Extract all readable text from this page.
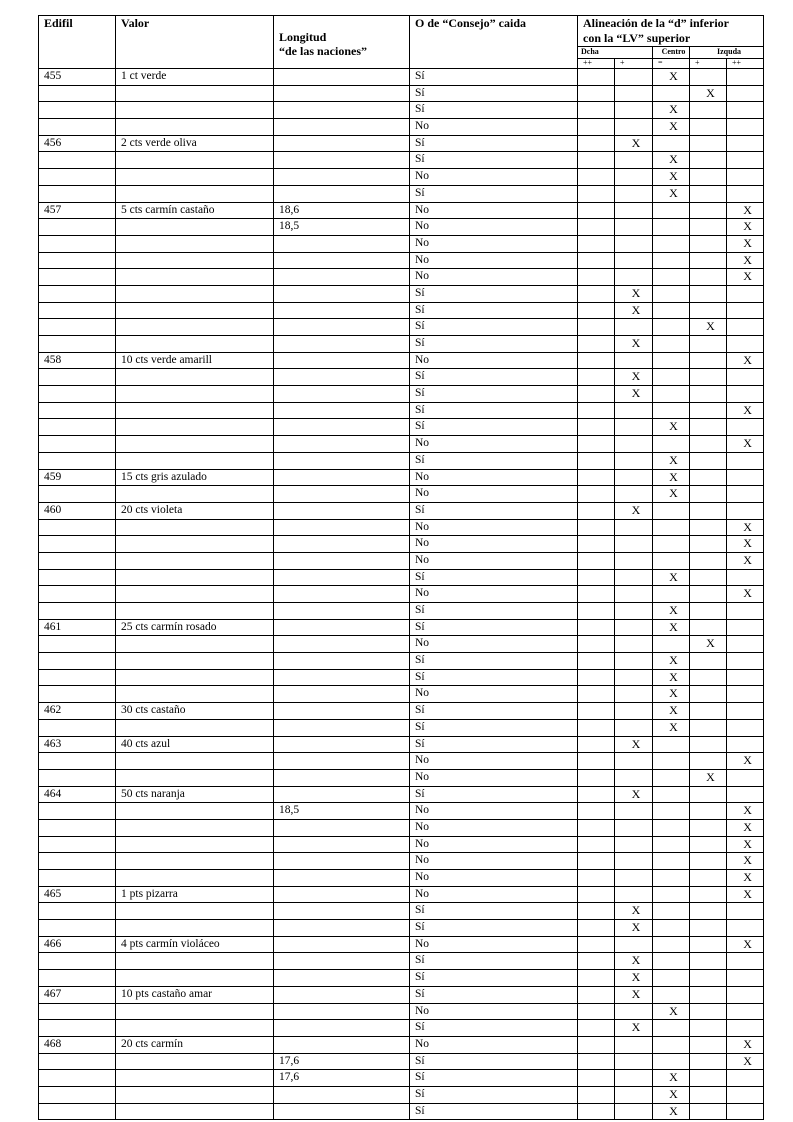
Edifil	Valor	Longitud
“de las naciones”	O de “Consejo” caida	Alineación de la “d” inferior
con la “LV” superior				
				Dcha		Centro	Izquda	
				++	+	=	+	++
455	1 ct verde		Sí			X		
			Sí				X	
			Sí			X		
			No			X		
456	2 cts verde oliva		Sí		X			
			Sí			X		
			No			X		
			Sí			X		
457	5 cts carmín castaño	18,6	No					X
		18,5	No					X
			No					X
			No					X
			No					X
			Sí		X			
			Sí		X			
			Sí				X	
			Sí		X			
458	10 cts verde amarill		No					X
			Sí		X			
			Sí		X			
			Sí					X
			Sí			X		
			No					X
			Sí			X		
459	15 cts gris azulado		No			X		
			No			X		
460	20 cts violeta		Sí		X			
			No					X
			No					X
			No					X
			Sí			X		
			No					X
			Sí			X		
461	25 cts carmín rosado		Sí			X		
			No				X	
			Sí			X		
			Sí			X		
			No			X		
462	30 cts castaño		Sí			X		
			Sí			X		
463	40 cts azul		Sí		X			
			No					X
			No				X	
464	50 cts naranja		Sí		X			
		18,5	No					X
			No					X
			No					X
			No					X
			No					X
465	1 pts pizarra		No					X
			Sí		X			
			Sí		X			
466	4 pts carmín violáceo		No					X
			Sí		X			
			Sí		X			
467	10 pts castaño amar		Sí		X			
			No			X		
			Sí		X			
468	20 cts carmín		No					X
		17,6	Sí					X
		17,6	Sí			X		
			Sí			X		
			Sí			X		
